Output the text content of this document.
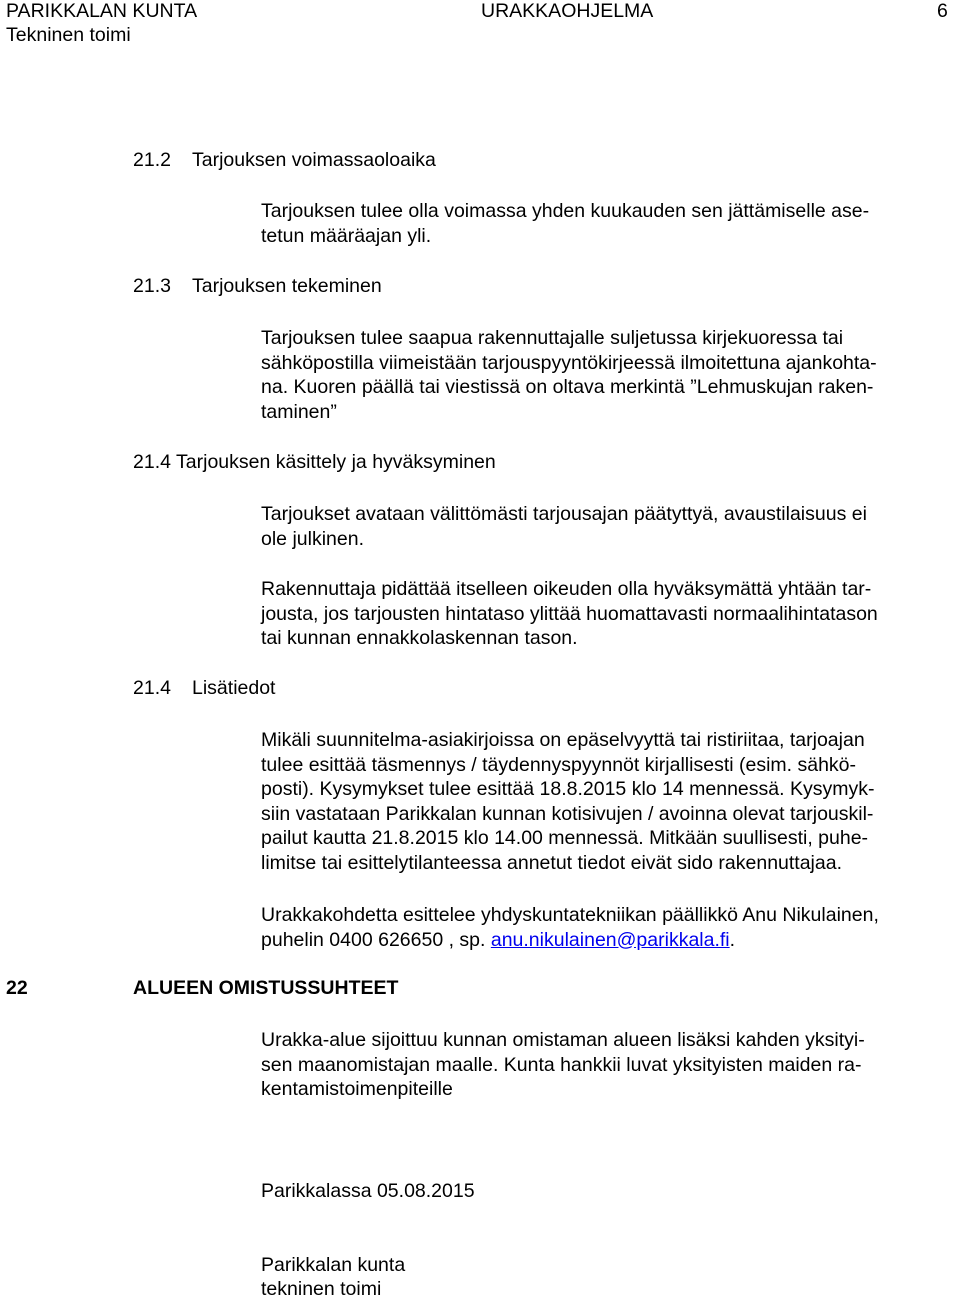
PARIKKALAN KUNTA	URAKKAOHJELMA	6
Tekninen toimi
21.2 Tarjouksen voimassaoloaika
Tarjouksen tulee olla voimassa yhden kuukauden sen jättämiselle ase-
tetun määräajan yli.
21.3 Tarjouksen tekeminen
Tarjouksen tulee saapua rakennuttajalle suljetussa kirjekuoressa tai
sähköpostilla viimeistään tarjouspyyntökirjeessä ilmoitettuna ajankohta-
na. Kuoren päällä tai viestissä on oltava merkintä ”Lehmuskujan raken-
taminen”
21.4 Tarjouksen käsittely ja hyväksyminen
Tarjoukset avataan välittömästi tarjousajan päätyttyä, avaustilaisuus ei
ole julkinen.
Rakennuttaja pidättää itselleen oikeuden olla hyväksymättä yhtään tar-
jousta, jos tarjousten hintataso ylittää huomattavasti normaalihintatason
tai kunnan ennakkolaskennan tason.
21.4 Lisätiedot
Mikäli suunnitelma-asiakirjoissa on epäselvyyttä tai ristiriitaa, tarjoajan
tulee esittää täsmennys / täydennyspyynnöt kirjallisesti (esim. sähkö-
posti). Kysymykset tulee esittää 18.8.2015 klo 14 mennessä. Kysymyk-
siin vastataan Parikkalan kunnan kotisivujen / avoinna olevat tarjouskil-
pailut kautta 21.8.2015 klo 14.00 mennessä. Mitkään suullisesti, puhe-
limitse tai esittelytilanteessa annetut tiedot eivät sido rakennuttajaa.
Urakkakohdetta esittelee yhdyskuntatekniikan päällikkö Anu Nikulainen,
puhelin 0400 626650 , sp. anu.nikulainen@parikkala.fi.
22	ALUEEN OMISTUSSUHTEET
Urakka-alue sijoittuu kunnan omistaman alueen lisäksi kahden yksityi-
sen maanomistajan maalle. Kunta hankkii luvat yksityisten maiden ra-
kentamistoimenpiteille
Parikkalassa 05.08.2015
Parikkalan kunta
tekninen toimi
